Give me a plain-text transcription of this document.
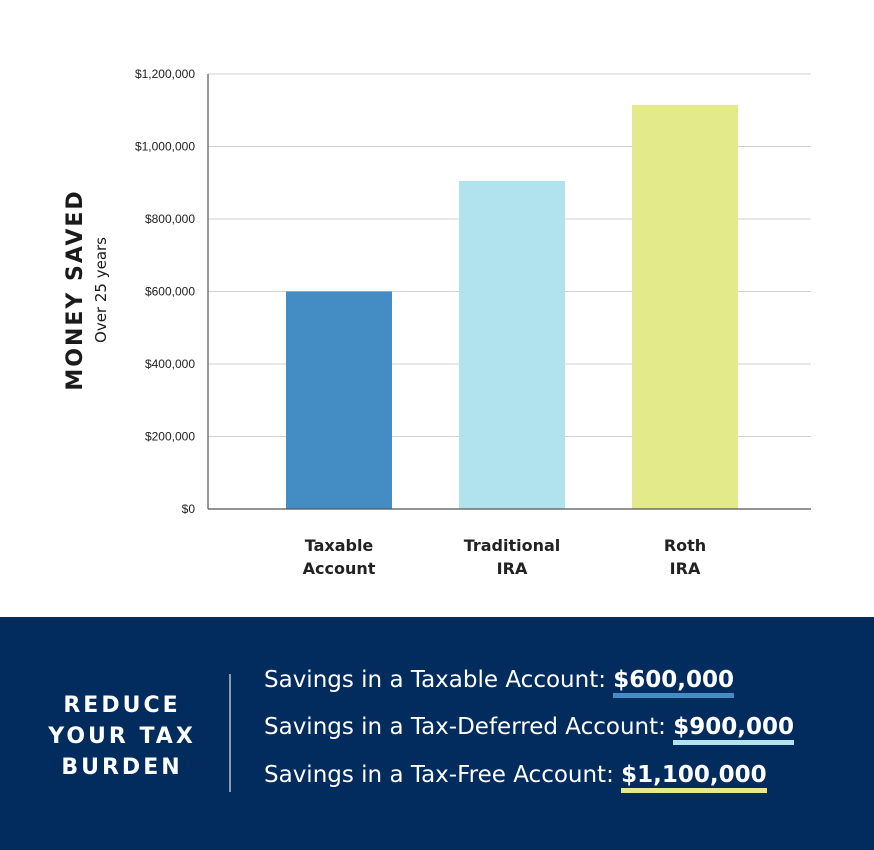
$0
$200,000
$400,000
$600,000
$800,000
$1,000,000
$1,200,000
Taxable
Account
Traditional
IRA
Roth
IRA
MONEY SAVED Over 25 years
REDUCE
YOUR TAX
BURDEN
Savings in a Taxable Account: $600,000
Savings in a Tax-Deferred Account: $900,000
Savings in a Tax-Free Account: $1,100,000
